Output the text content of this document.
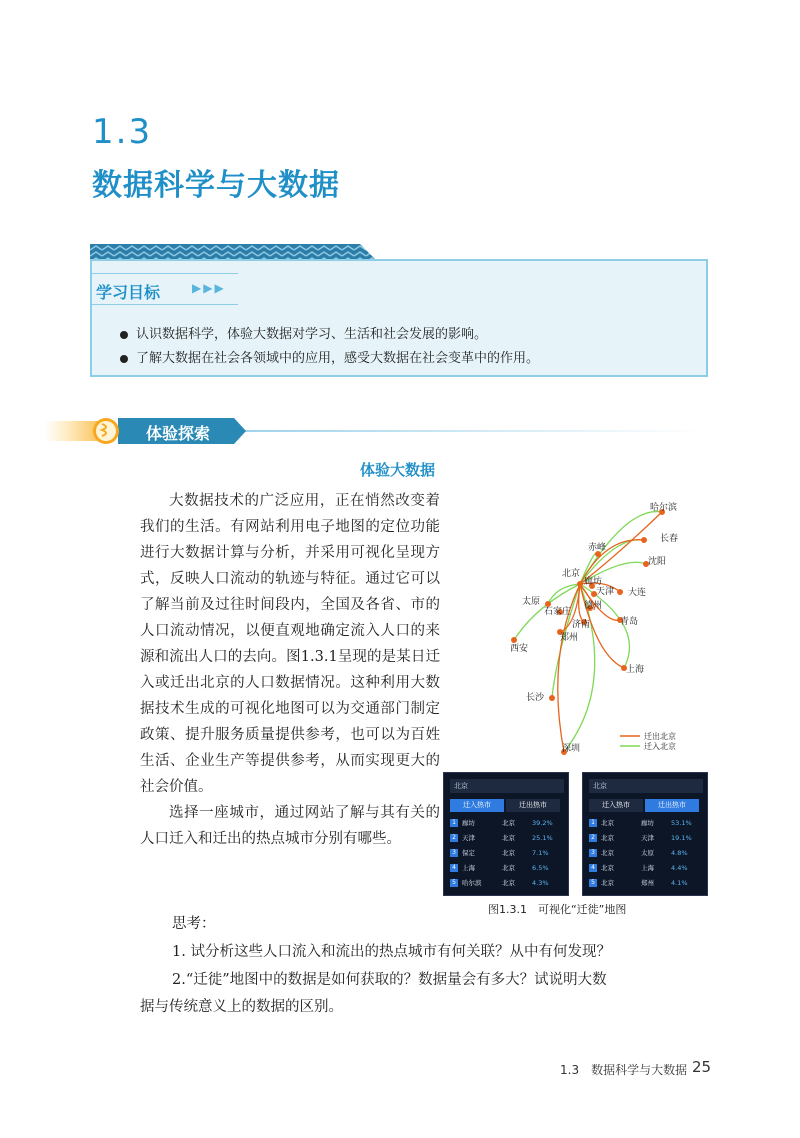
1.3
数据科学与大数据
学习目标	▶▶▶
认识数据科学，体验大数据对学习、生活和社会发展的影响。
了解大数据在社会各领域中的应用，感受大数据在社会变革中的作用。
体验探索
体验大数据

大数据技术的广泛应用，正在悄然改变着我们的生活。有网站利用电子地图的定位功能进行大数据计算与分析，并采用可视化呈现方式，反映人口流动的轨迹与特征。通过它可以了解当前及过往时间段内，全国及各省、市的人口流动情况，以便直观地确定流入人口的来源和流出人口的去向。图1.3.1呈现的是某日迁入或迁出北京的人口数据情况。这种利用大数据技术生成的可视化地图可以为交通部门制定政策、提升服务质量提供参考，也可以为百姓生活、企业生产等提供参考，从而实现更大的社会价值。

选择一座城市，通过网站了解与其有关的人口迁入和迁出的热点城市分别有哪些。

思考：
1. 试分析这些人口流入和流出的热点城市有何关联？从中有何发现？
2.“迁徙”地图中的数据是如何获取的？数据量会有多大？试说明大数
据与传统意义上的数据的区别。
哈尔滨
长春
赤峰
沈阳
北京
廊坊
天津 大连
太原
石家庄
德州
济南	青岛
郑州
西安
上海
长沙
深圳
迁出北京
迁入北京
北京
迁入热市	迁出热市
1 廊坊	北京	39.2%
2 天津	北京	25.1%
3 保定	北京	7.1%
4 上海	北京	6.5%
5 哈尔滨	北京	4.3%
北京
迁入热市	迁出热市
1 北京	廊坊	53.1%
2 北京	天津	19.1%
3 北京	太原	4.8%
4 北京	上海	4.4%
5 北京	郑州	4.1%
图1.3.1　可视化“迁徙”地图
1.3　数据科学与大数据 25
